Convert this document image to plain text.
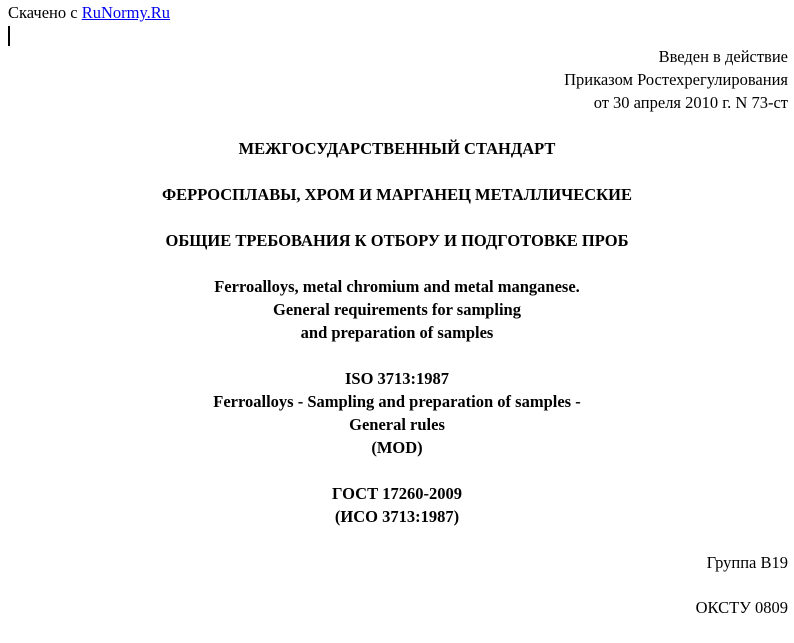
Скачено с RuNormy.Ru
Введен в действие
Приказом Ростехрегулирования
от 30 апреля 2010 г. N 73-ст
МЕЖГОСУДАРСТВЕННЫЙ СТАНДАРТ
ФЕРРОСПЛАВЫ, ХРОМ И МАРГАНЕЦ МЕТАЛЛИЧЕСКИЕ
ОБЩИЕ ТРЕБОВАНИЯ К ОТБОРУ И ПОДГОТОВКЕ ПРОБ
Ferroalloys, metal chromium and metal manganese.
General requirements for sampling
and preparation of samples
ISO 3713:1987
Ferroalloys - Sampling and preparation of samples -
General rules
(MOD)
ГОСТ 17260-2009
(ИСО 3713:1987)
Группа В19
ОКСТУ 0809
